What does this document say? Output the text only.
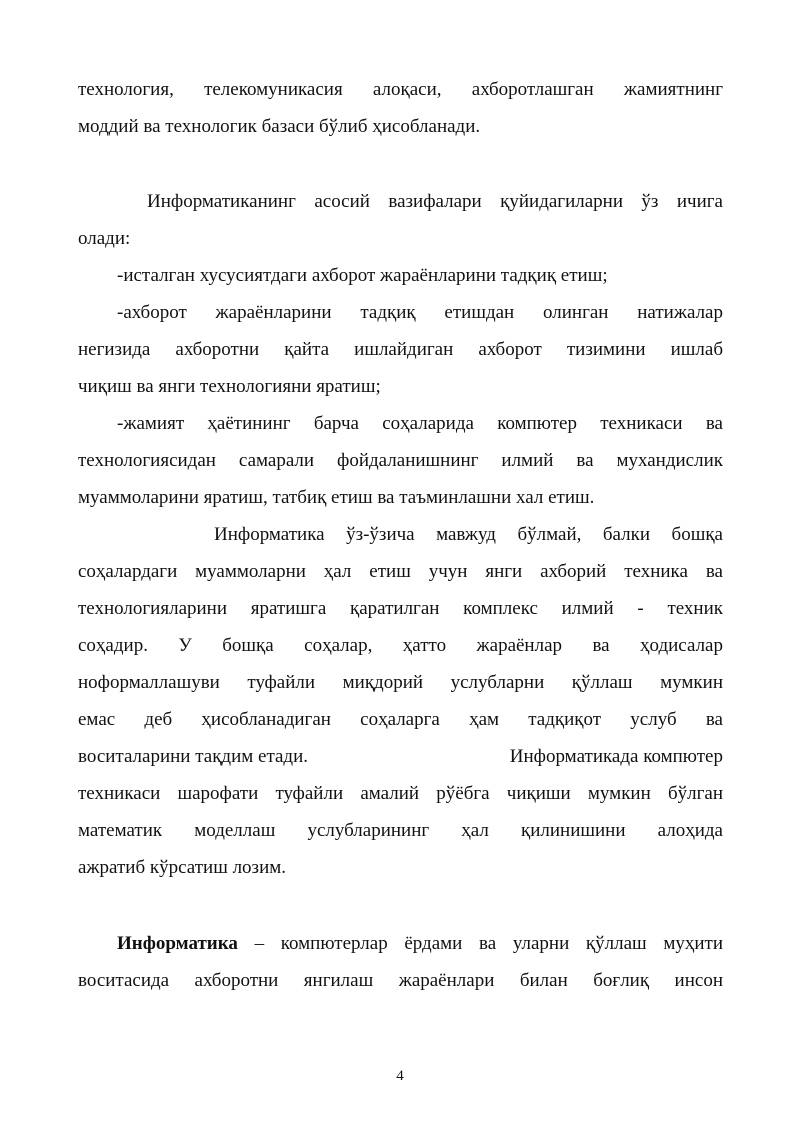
технология, телекомуникасия алоқаси, ахборотлашган жамиятнинг
моддий ва технологик базаси бўлиб ҳисобланади.
Информатиканинг асосий вазифалари қуйидагиларни ўз ичига
олади:
-исталган хусусиятдаги ахборот жараёнларини тадқиқ етиш;
-ахборот жараёнларини тадқиқ етишдан олинган натижалар
негизида ахборотни қайта ишлайдиган ахборот тизимини ишлаб
чиқиш ва янги технологияни яратиш;
-жамият ҳаётининг барча соҳаларида компютер техникаси ва
технологиясидан самарали фойдаланишнинг илмий ва мухандислик
муаммоларини яратиш, татбиқ етиш ва таъминлашни хал етиш.
Информатика ўз-ўзича мавжуд бўлмай, балки бошқа
соҳалардаги муаммоларни ҳал етиш учун янги ахборий техника ва
технологияларини яратишга қаратилган комплекс илмий - техник
соҳадир. У бошқа соҳалар, ҳатто жараёнлар ва ҳодисалар
ноформаллашуви туфайли миқдорий услубларни қўллаш мумкин
емас деб ҳисобланадиган соҳаларга ҳам тадқиқот услуб ва
воситаларини тақдим етади.	Информатикада компютер
техникаси шарофати туфайли амалий рўёбга чиқиши мумкин бўлган
математик моделлаш услубларининг ҳал қилинишини алоҳида
ажратиб кўрсатиш лозим.
Информатика – компютерлар ёрдами ва уларни қўллаш муҳити
воситасида ахборотни янгилаш жараёнлари билан боғлиқ инсон
4
